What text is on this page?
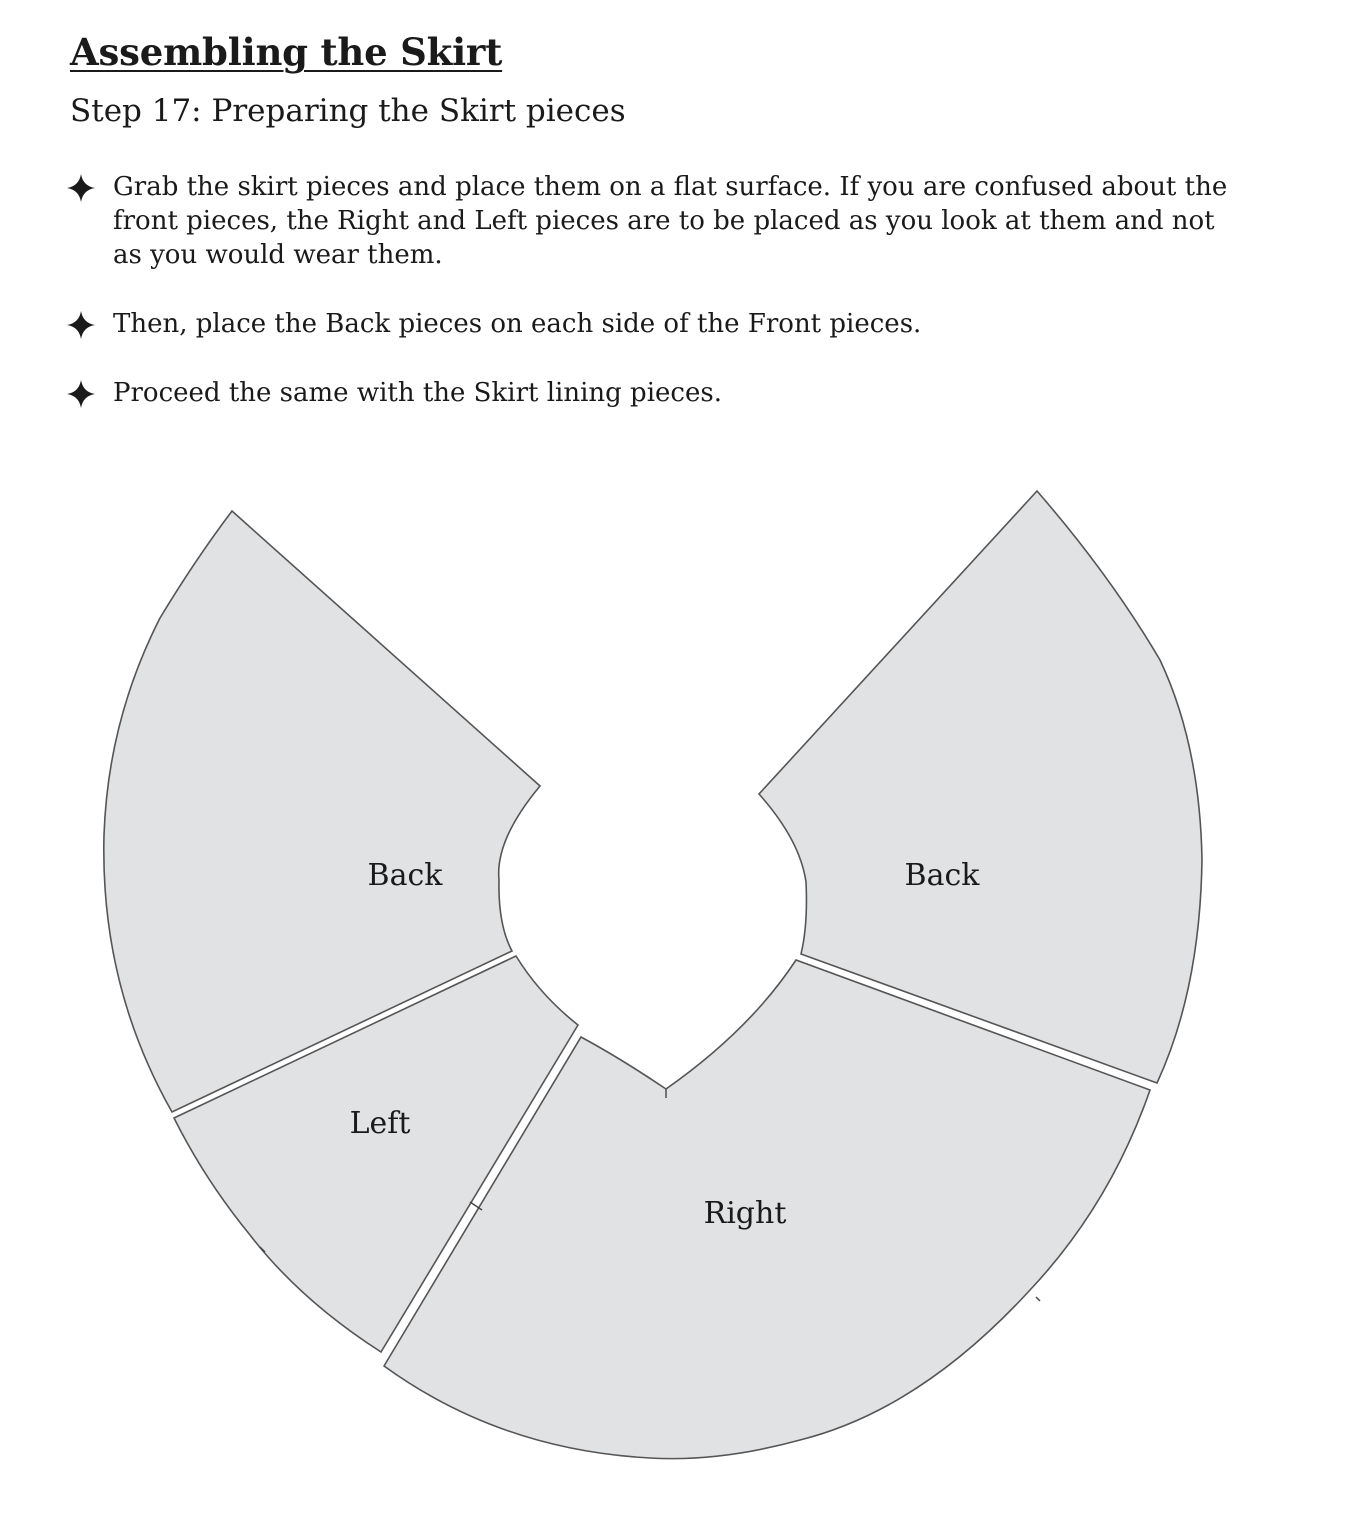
Assembling the Skirt
Step 17: Preparing the Skirt pieces
Grab the skirt pieces and place them on a flat surface. If you are confused about the front pieces, the Right and Left pieces are to be placed as you look at them and not as you would wear them.
Then, place the Back pieces on each side of the Front pieces.
Proceed the same with the Skirt lining pieces.
Back	Back
Left
Right
